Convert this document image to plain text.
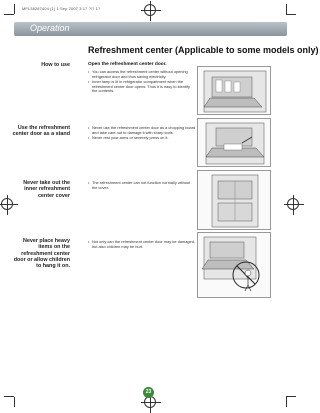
MFL38287404 (1) 1 Sep 2007 3:17 ?!? 1?
Operation
Refreshment center (Applicable to some models only)
How to use	Open the refreshment center door.
• You can access the refreshment center without opening refrigerator door and thus saving electricity.
• Inner lamp is lit in refrigerator compartment when the refreshment center door opens. Thus it is easy to identify the contents.
Use the refreshment center door as a stand
• Never use the refreshment center door as a chopping board and take care not to damage it with sharp tools.
• Never rest your arms or severely press on it.
Never take out the inner refreshment center cover
• The refreshment center can not function normally without the cover.
Never place heavy items on the refreshment center door or allow children to hang it on.
• Not only can the refreshment center door may be damaged, but also children may be hurt.
23
